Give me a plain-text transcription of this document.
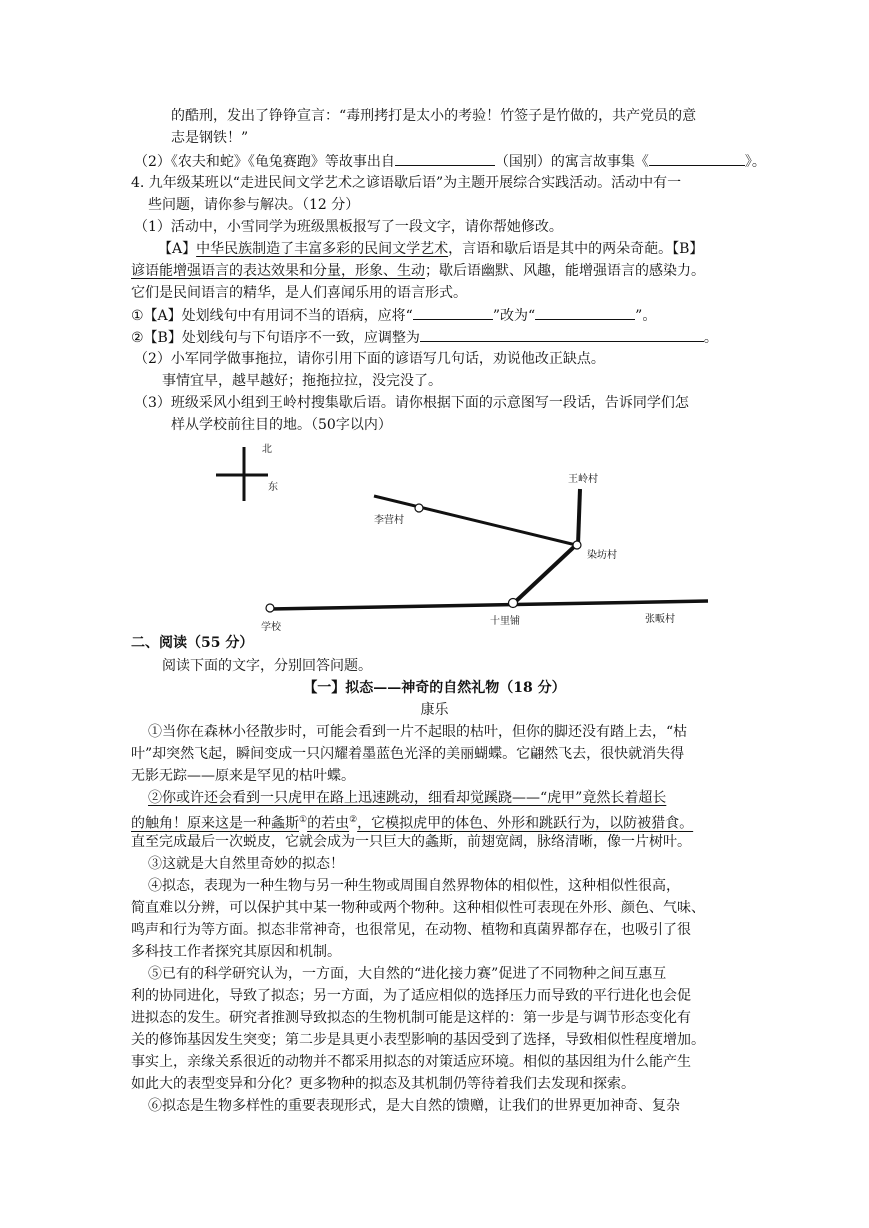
的酷刑，发出了铮铮宣言：“毒刑拷打是太小的考验！竹签子是竹做的，共产党员的意
志是钢铁！”
（2）《农夫和蛇》《龟兔赛跑》等故事出自	（国别）的寓言故事集《	》。
4. 九年级某班以“走进民间文学艺术之谚语歇后语”为主题开展综合实践活动。活动中有一
些问题，请你参与解决。（12 分）
（1）活动中，小雪同学为班级黑板报写了一段文字，请你帮她修改。
【A】中华民族制造了丰富多彩的民间文学艺术，言语和歇后语是其中的两朵奇葩。【B】
谚语能增强语言的表达效果和分量，形象、生动；歇后语幽默、风趣，能增强语言的感染力。
它们是民间语言的精华，是人们喜闻乐用的语言形式。
①【A】处划线句中有用词不当的语病，应将“	”改为“	”。
②【B】处划线句与下句语序不一致，应调整为	。
（2）小军同学做事拖拉，请你引用下面的谚语写几句话，劝说他改正缺点。
事情宜早，越早越好；拖拖拉拉，没完没了。
（3）班级采风小组到王岭村搜集歇后语。请你根据下面的示意图写一段话，告诉同学们怎
样从学校前往目的地。（50字以内）
北
东
王岭村
李营村
染坊村
学校
十里铺	张畈村
二、阅读（55 分）
阅读下面的文字，分别回答问题。
【一】拟态——神奇的自然礼物（18 分）
康乐
①当你在森林小径散步时，可能会看到一片不起眼的枯叶，但你的脚还没有踏上去，“枯
叶”却突然飞起，瞬间变成一只闪耀着墨蓝色光泽的美丽蝴蝶。它翩然飞去，很快就消失得
无影无踪——原来是罕见的枯叶蝶。
②你或许还会看到一只虎甲在路上迅速跳动，细看却觉蹊跷——“虎甲”竟然长着超长
的触角！原来这是一种螽斯①的若虫②，它模拟虎甲的体色、外形和跳跃行为，以防被猎食。
直至完成最后一次蜕皮，它就会成为一只巨大的螽斯，前翅宽阔，脉络清晰，像一片树叶。
③这就是大自然里奇妙的拟态！
④拟态，表现为一种生物与另一种生物或周围自然界物体的相似性，这种相似性很高，
简直难以分辨，可以保护其中某一物种或两个物种。这种相似性可表现在外形、颜色、气味、
鸣声和行为等方面。拟态非常神奇，也很常见，在动物、植物和真菌界都存在，也吸引了很
多科技工作者探究其原因和机制。
⑤已有的科学研究认为，一方面，大自然的“进化接力赛”促进了不同物种之间互惠互
利的协同进化，导致了拟态；另一方面，为了适应相似的选择压力而导致的平行进化也会促
进拟态的发生。研究者推测导致拟态的生物机制可能是这样的：第一步是与调节形态变化有
关的修饰基因发生突变；第二步是具更小表型影响的基因受到了选择，导致相似性程度增加。
事实上，亲缘关系很近的动物并不都采用拟态的对策适应环境。相似的基因组为什么能产生
如此大的表型变异和分化？更多物种的拟态及其机制仍等待着我们去发现和探索。
⑥拟态是生物多样性的重要表现形式，是大自然的馈赠，让我们的世界更加神奇、复杂
